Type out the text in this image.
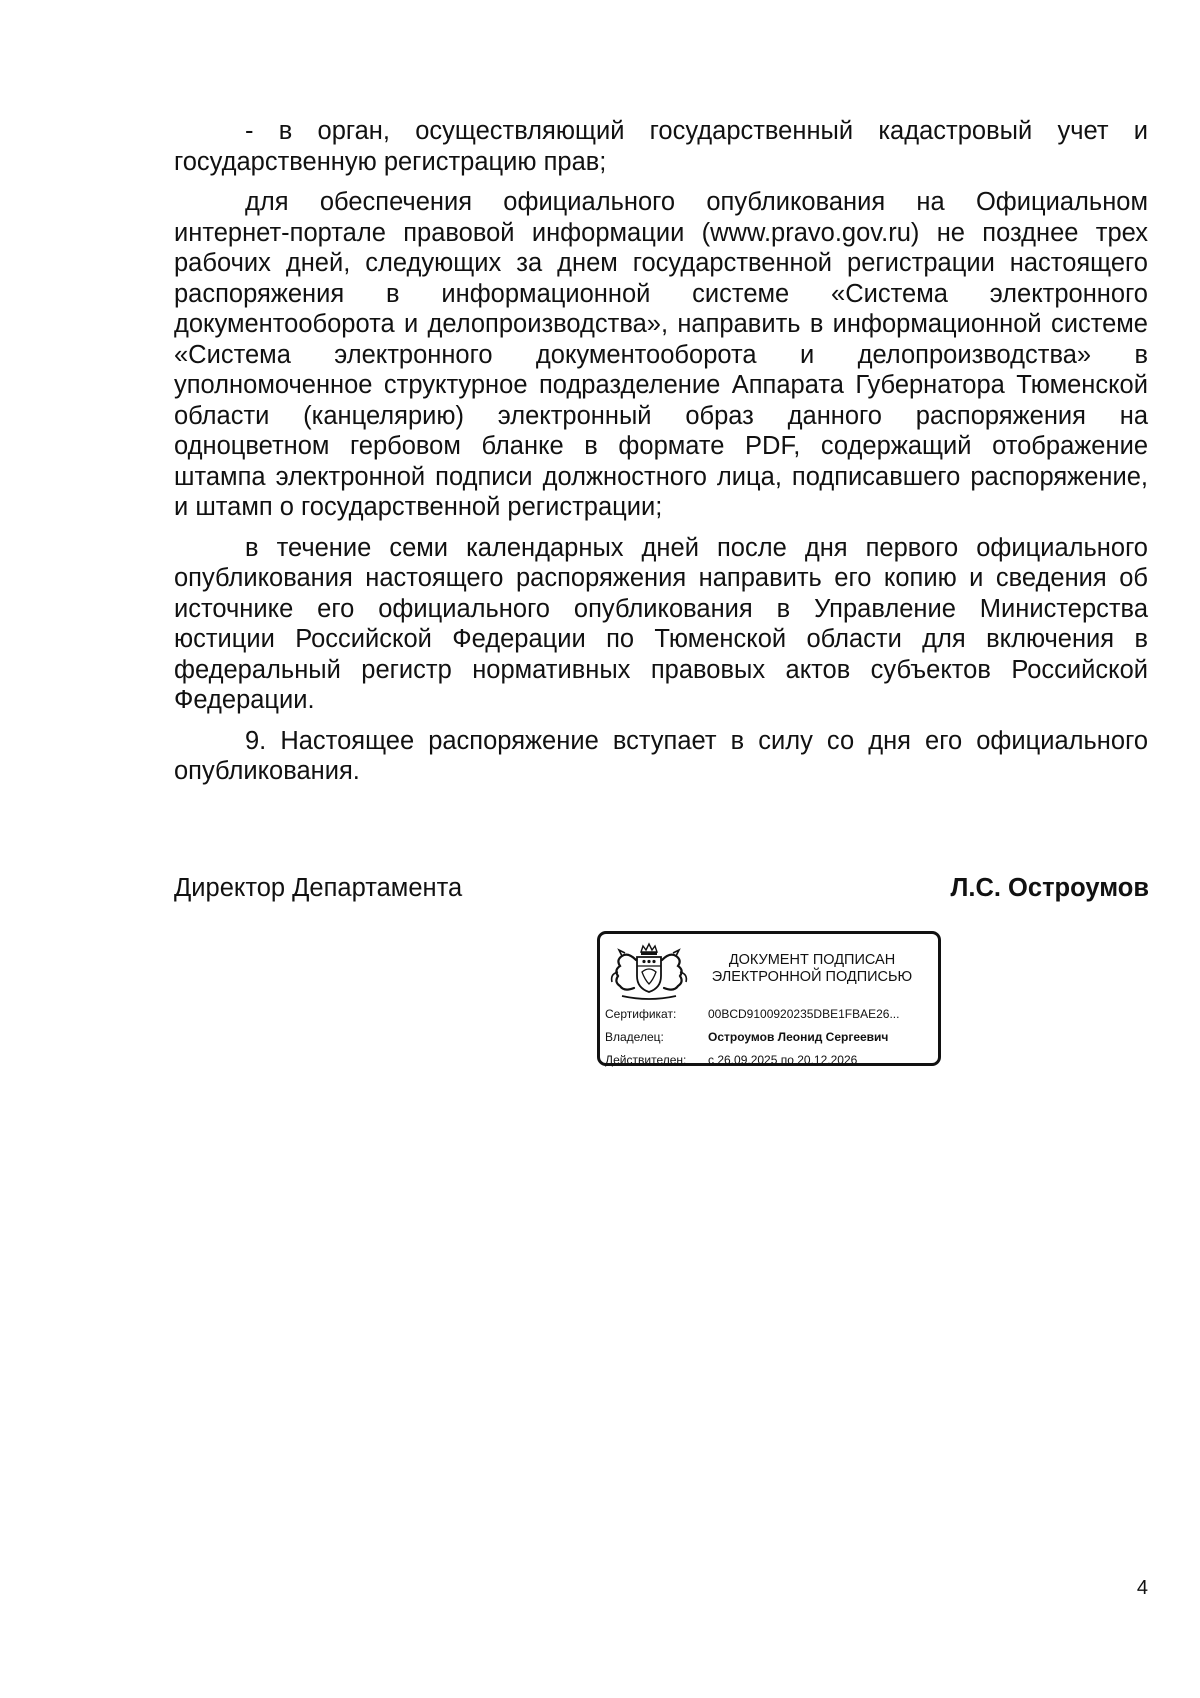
- в орган, осуществляющий государственный кадастровый учет и государственную регистрацию прав;

для обеспечения официального опубликования на Официальном интернет-портале правовой информации (www.pravo.gov.ru) не позднее трех рабочих дней, следующих за днем государственной регистрации настоящего распоряжения в информационной системе «Система электронного документооборота и делопроизводства», направить в информационной системе «Система электронного документооборота и делопроизводства» в уполномоченное структурное подразделение Аппарата Губернатора Тюменской области (канцелярию) электронный образ данного распоряжения на одноцветном гербовом бланке в формате PDF, содержащий отображение штампа электронной подписи должностного лица, подписавшего распоряжение, и штамп о государственной регистрации;

в течение семи календарных дней после дня первого официального опубликования настоящего распоряжения направить его копию и сведения об источнике его официального опубликования в Управление Министерства юстиции Российской Федерации по Тюменской области для включения в федеральный регистр нормативных правовых актов субъектов Российской Федерации.

9. Настоящее распоряжение вступает в силу со дня его официального опубликования.

Директор Департамента	Л.С. Остроумов
ДОКУМЕНТ ПОДПИСАН
ЭЛЕКТРОННОЙ ПОДПИСЬЮ
Сертификат:	00BCD9100920235DBE1FBAE26...
Владелец:	Остроумов Леонид Сергеевич
Действителен: с 26.09.2025 по 20.12.2026
4
